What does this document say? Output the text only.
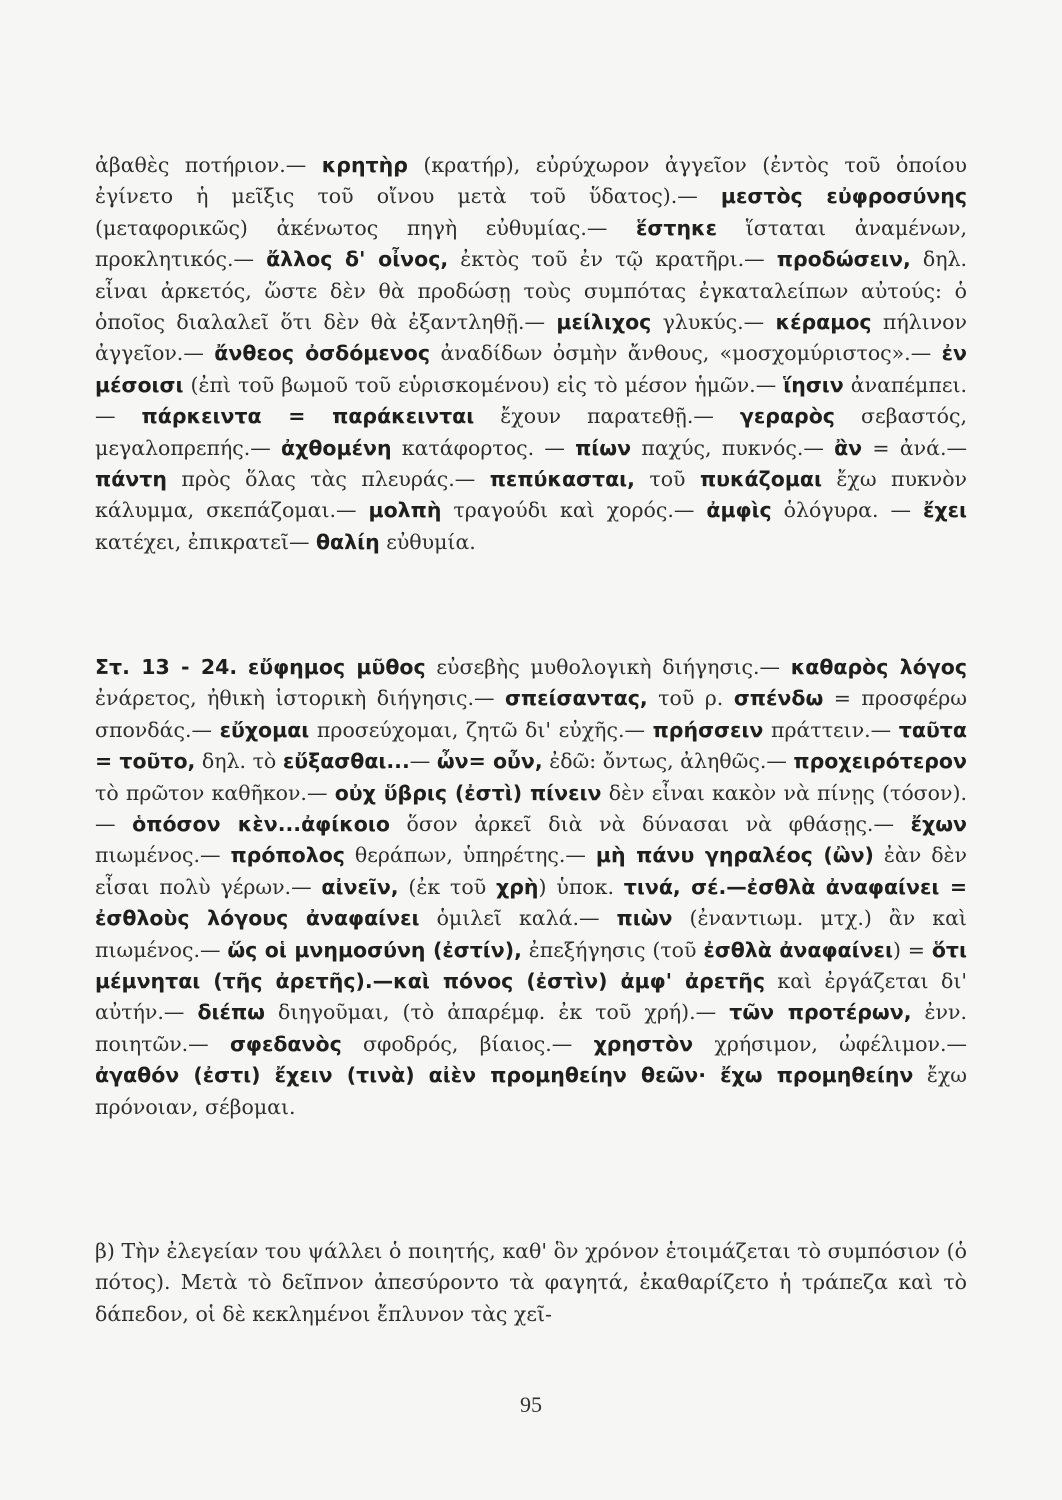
ἀβαθὲς ποτήριον.— κρητὴρ (κρατήρ), εὐρύχωρον ἀγγεῖον (ἐντὸς τοῦ ὁποίου ἐγίνετο ἡ μεῖξις τοῦ οἴνου μετὰ τοῦ ὕδατος).— μεστὸς εὐφροσύνης (μεταφορικῶς) ἀκένωτος πηγὴ εὐθυμίας.— ἕστηκε ἵσταται ἀναμένων, προκλητικός.— ἄλλος δ' οἶνος, ἐκτὸς τοῦ ἐν τῷ κρατῆρι.— προδώσειν, δηλ. εἶναι ἀρκετός, ὥστε δὲν θὰ προδώσῃ τοὺς συμπότας ἐγκαταλείπων αὐτούς: ὁ ὁποῖος διαλαλεῖ ὅτι δὲν θὰ ἐξαντληθῇ.— μείλιχος γλυκύς.— κέραμος πήλινον ἀγγεῖον.— ἄνθεος ὀσδόμενος ἀναδίδων ὀσμὴν ἄνθους, «μοσχομύριστος».— ἐν μέσοισι (ἐπὶ τοῦ βωμοῦ τοῦ εὑρισκομένου) εἰς τὸ μέσον ἡμῶν.— ἵησιν ἀναπέμπει.— πάρκειντα = παράκεινται ἔχουν παρατεθῇ.— γεραρὸς σεβαστός, μεγαλοπρεπής.— ἀχθομένη κατάφορτος. — πίων παχύς, πυκνός.— ἂν = ἀνά.— πάντη πρὸς ὅλας τὰς πλευράς.— πεπύκασται, τοῦ πυκάζομαι ἔχω πυκνὸν κάλυμμα, σκεπάζομαι.— μολπὴ τραγούδι καὶ χορός.— ἀμφὶς ὁλόγυρα. — ἔχει κατέχει, ἐπικρατεῖ— θαλίη εὐθυμία.
Στ. 13 - 24. εὔφημος μῦθος εὐσεβὴς μυθολογικὴ διήγησις.— καθαρὸς λόγος ἐνάρετος, ἠθικὴ ἱστορικὴ διήγησις.— σπείσαντας, τοῦ ρ. σπένδω = προσφέρω σπονδάς.— εὔχομαι προσεύχομαι, ζητῶ δι' εὐχῆς.— πρήσσειν πράττειν.— ταῦτα = τοῦτο, δηλ. τὸ εὔξασθαι...— ὦν= οὖν, ἐδῶ: ὄντως, ἀληθῶς.— προχειρότερον τὸ πρῶτον καθῆκον.— οὐχ ὕβρις (ἐστὶ) πίνειν δὲν εἶναι κακὸν νὰ πίνῃς (τόσον).— ὁπόσον κὲν...ἀφίκοιο ὅσον ἀρκεῖ διὰ νὰ δύνασαι νὰ φθάσῃς.— ἔχων πιωμένος.— πρόπολος θεράπων, ὑπηρέτης.— μὴ πάνυ γηραλέος (ὢν) ἐὰν δὲν εἶσαι πολὺ γέρων.— αἰνεῖν, (ἐκ τοῦ χρὴ) ὑποκ. τινά, σέ.—ἐσθλὰ ἀναφαίνει = ἐσθλοὺς λόγους ἀναφαίνει ὁμιλεῖ καλά.— πιὼν (ἐναντιωμ. μτχ.) ἂν καὶ πιωμένος.— ὥς οἱ μνημοσύνη (ἐστίν), ἐπεξήγησις (τοῦ ἐσθλὰ ἀναφαίνει) = ὅτι μέμνηται (τῆς ἀρετῆς).—καὶ πόνος (ἐστὶν) ἀμφ' ἀρετῆς καὶ ἐργάζεται δι' αὐτήν.— διέπω διηγοῦμαι, (τὸ ἀπαρέμφ. ἐκ τοῦ χρή).— τῶν προτέρων, ἐνν. ποιητῶν.— σφεδανὸς σφοδρός, βίαιος.— χρηστὸν χρήσιμον, ὠφέλιμον.— ἀγαθόν (ἐστι) ἔχειν (τινὰ) αἰὲν προμηθείην θεῶν· ἔχω προμηθείην ἔχω πρόνοιαν, σέβομαι.
β) Τὴν ἐλεγείαν του ψάλλει ὁ ποιητής, καθ' ὃν χρόνον ἑτοιμάζεται τὸ συμπόσιον (ὁ πότος). Μετὰ τὸ δεῖπνον ἀπεσύροντο τὰ φαγητά, ἐκαθαρίζετο ἡ τράπεζα καὶ τὸ δάπεδον, οἱ δὲ κεκλημένοι ἔπλυνον τὰς χεῖ-
95
